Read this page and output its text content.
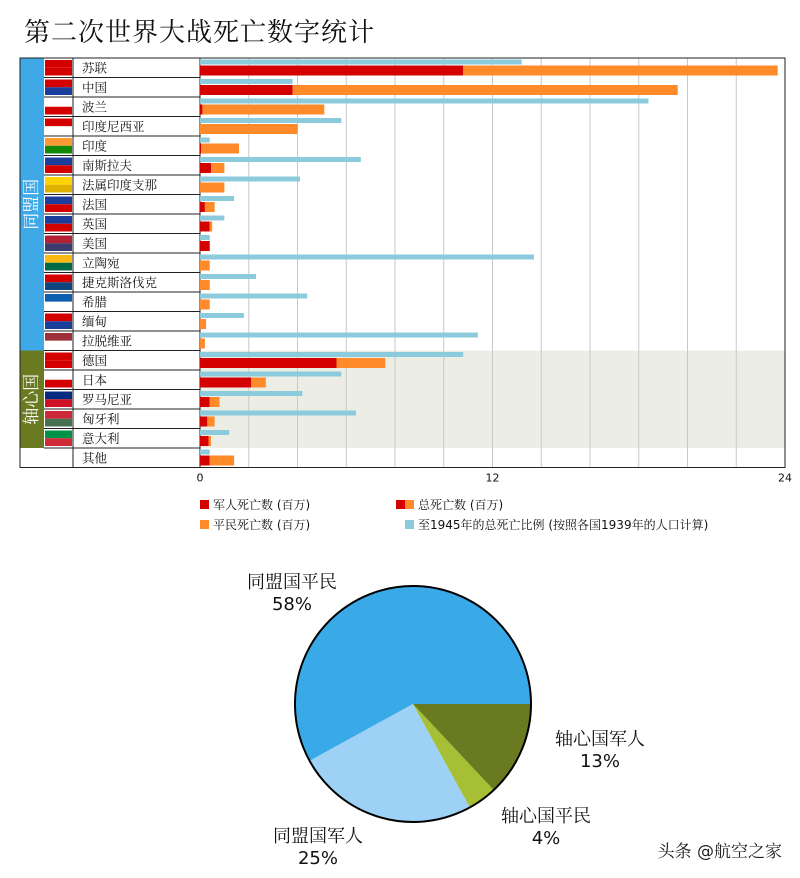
第二次世界大战死亡数字统计
同盟国
轴心国
苏联
中国
波兰
印度尼西亚
印度
南斯拉夫
法属印度支那
法国
英国
美国
立陶宛
捷克斯洛伐克
希腊
缅甸
拉脱维亚
德国
日本
罗马尼亚
匈牙利
意大利
其他
0	12	24
军人死亡数 (百万)	总死亡数 (百万)
平民死亡数 (百万)	至1945年的总死亡比例 (按照各国1939年的人口计算)
同盟国平民
58%
同盟国军人
25%
轴心国平民
4%
轴心国军人
13%
头条 @航空之家
